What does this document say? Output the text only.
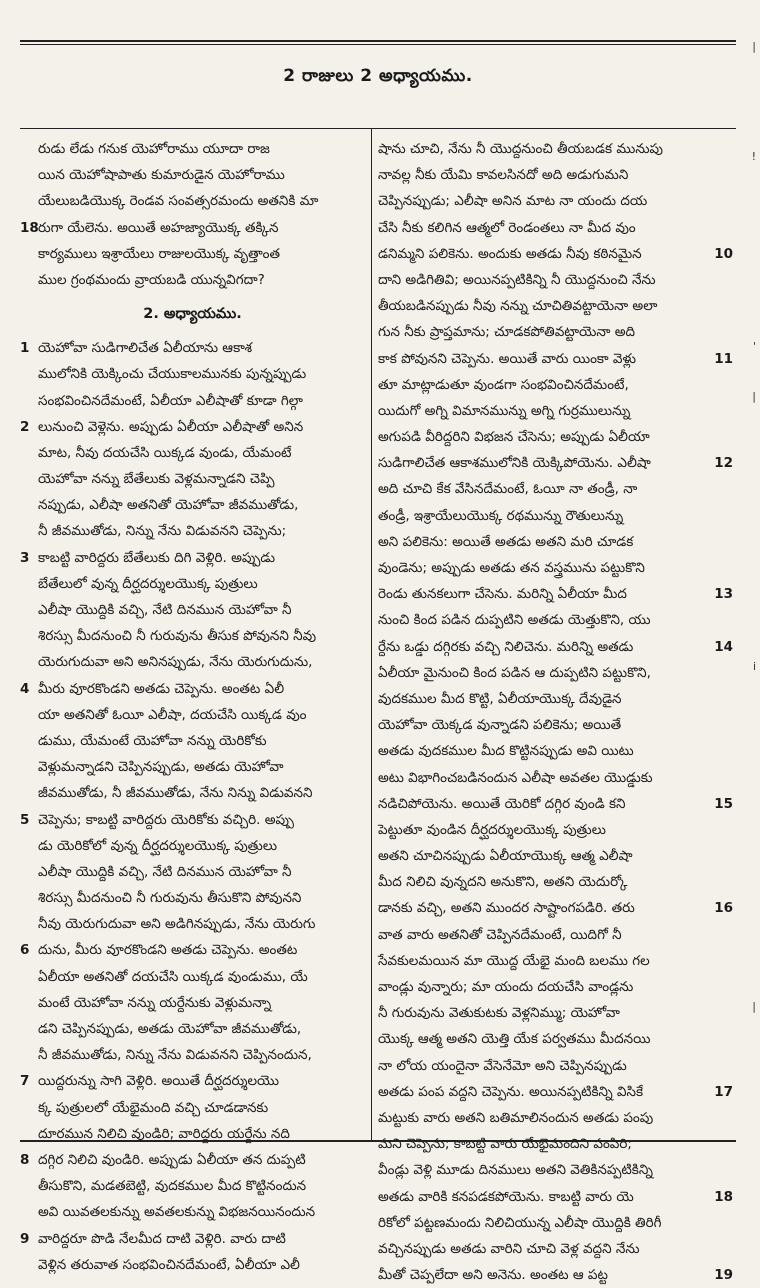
2 రాజులు 2 అధ్యాయము.
రుడు లేడు గనుక యెహోరాము యూదా రాజ
యిన యెహోషాపాతు కుమారుడైన యెహోరాము
యేలుబడియొక్క రెండవ సంవత్సరమందు అతనికి మా
18 రుగా యేలెను. అయితే అహజ్యాయొక్క తక్కిన
కార్యములు ఇశ్రాయేలు రాజులయొక్క వృత్తాంత
ముల గ్రంథమందు వ్రాయబడి యున్నవిగదా?
2. అధ్యాయము.
1 యెహోవా సుడిగాలిచేత ఏలీయాను ఆకాశ
ములోనికి యెక్కించు చేయుకాలమునకు పున్నప్పుడు
సంభవించినదేమంటే, ఏలీయా ఎలీషాతో కూడా గిల్గా
2 లునుంచి వెళ్లెను. అప్పుడు ఏలీయా ఎలీషాతో అనిన
మాట, నీవు దయచేసి యిక్కడ వుండు, యేమంటే
యెహోవా నన్ను బేతేలుకు వెళ్లమన్నాడని చెప్పి
నప్పుడు, ఎలీషా అతనితో యెహోవా జీవముతోడు,
నీ జీవముతోడు, నిన్ను నేను విడువనని చెప్పెను;
3 కాబట్టి వారిద్దరు బేతేలుకు దిగి వెళ్లిరి. అప్పుడు
బేతేలులో వున్న దీర్ఘదర్శులయొక్క పుత్రులు
ఎలీషా యొద్దికి వచ్చి, నేటి దినమున యెహోవా నీ
శిరస్సు మీదనుంచి నీ గురువును తీసుక పోవునని నీవు
యెరుగుదువా అని అనినప్పుడు, నేను యెరుగుదును,
4 మీరు వూరకొండని అతడు చెప్పెను. అంతట ఏలీ
యా అతనితో ఓయీ ఎలీషా, దయచేసి యిక్కడ వుం
డుము, యేమంటే యెహోవా నన్ను యెరికోకు
వెళ్లుమన్నాడని చెప్పినప్పుడు, అతడు యెహోవా
జీవముతోడు, నీ జీవముతోడు, నేను నిన్ను విడువనని
5 చెప్పెను; కాబట్టి వారిద్దరు యెరికోకు వచ్చిరి. అప్పు
డు యెరికోలో వున్న దీర్ఘదర్శులయొక్క పుత్రులు
ఎలీషా యొద్దికి వచ్చి, నేటి దినమున యెహోవా నీ
శిరస్సు మీదనుంచి నీ గురువును తీసుకొని పోవునని
నీవు యెరుగుదువా అని అడిగినప్పుడు, నేను యెరుగు
6 దును, మీరు వూరకొండని అతడు చెప్పెను. అంతట
ఏలీయా అతనితో దయచేసి యిక్కడ వుండుము, యే
మంటే యెహోవా నన్ను యర్దేనుకు వెళ్లుమన్నా
డని చెప్పినప్పుడు, అతడు యెహోవా జీవముతోడు,
నీ జీవముతోడు, నిన్ను నేను విడువనని చెప్పినందున,
7 యిద్దరున్ను సాగి వెళ్లిరి. అయితే దీర్ఘదర్శులయొ
క్క పుత్రులలో యేభైమంది వచ్చి చూడడానకు
దూరమున నిలిచి వుండిరి; వారిద్దరు యర్దేను నది
8 దగ్గిర నిలిచి వుండిరి. అప్పుడు ఏలీయా తన దుప్పటి
తీసుకొని, మడతబెట్టి, వుదకముల మీద కొట్టినందున
అవి యివతలకున్ను అవతలకున్ను విభజనయినందున
9 వారిద్దరూ పొడి నేలమీద దాటి వెళ్లిరి. వారు దాటి
వెళ్లిన తరువాత సంభవించినదేమంటే, ఏలీయా ఎలీ
షాను చూచి, నేను నీ యొద్దనుంచి తీయబడక మునుపు
నావల్ల నీకు యేమి కావలసినదో అది అడుగుమని
చెప్పినప్పుడు; ఎలీషా అనిన మాట నా యందు దయ
చేసి నీకు కలిగిన ఆత్మలో రెండంతలు నా మీద వుం
డనిమ్మని పలికెను. అందుకు అతడు నీవు కఠినమైన	10
దాని అడిగితివి; అయినప్పటికిన్ని నీ యొద్దనుంచి నేను
తీయబడినప్పుడు నీవు నన్ను చూచితివట్టాయెనా అలా
గున నీకు ప్రాప్తమాను; చూడకపోతివట్టాయెనా అది
కాక పోవునని చెప్పెను. అయితే వారు యింకా వెళ్లు	11
తూ మాట్లాడుతూ వుండగా సంభవించినదేమంటే,
యిదుగో అగ్ని విమానమున్ను అగ్ని గుర్రములున్ను
అగుపడి వీరిద్దరిని విభజన చేసెను; అప్పుడు ఏలీయా
సుడిగాలిచేత ఆకాశములోనికి యెక్కిపోయెను. ఎలీషా	12
అది చూచి కేక వేసినదేమంటే, ఓయీ నా తండ్రీ, నా
తండ్రీ, ఇశ్రాయేలుయొక్క రథమున్ను రౌతులున్ను
అని పలికెను: అయితే అతడు అతని మరి చూడక
వుండెను; అప్పుడు అతడు తన వస్త్రమును పట్టుకొని
రెండు తునకలుగా చేసెను. మరిన్ని ఏలీయా మీద	13
నుంచి కింద పడిన దుప్పటిని అతడు యెత్తుకొని, యు
ర్దేను ఒడ్డు దగ్గిరకు వచ్చి నిలిచెను. మరిన్ని అతడు	14
ఏలీయా మైనుంచి కింద పడిన ఆ దుప్పటిని పట్టుకొని,
వుదకముల మీద కొట్టి, ఏలీయాయొక్క దేవుడైన
యెహోవా యెక్కడ వున్నాడని పలికెను; అయితే
అతడు వుదకముల మీద కొట్టినప్పుడు అవి యిటు
అటు విభాగించబడినందున ఎలీషా అవతల యొడ్డుకు
నడిచిపోయెను. అయితే యెరికో దగ్గిర వుండి కని	15
పెట్టుతూ వుండిన దీర్ఘదర్శులయొక్క పుత్రులు
అతని చూచినప్పుడు ఏలీయాయొక్క ఆత్మ ఎలీషా
మీద నిలిచి వున్నదని అనుకొని, అతని యెదుర్కో
డానకు వచ్చి, అతని ముందర సాష్టాంగపడిరి. తరు	16
వాత వారు అతనితో చెప్పినదేమంటే, యిదిగో నీ
సేవకులమయిన మా యొద్ద యేభై మంది బలము గల
వాండ్లు వున్నారు; మా యందు దయచేసి వాండ్లను
నీ గురువును వెతుకుటకు వెళ్లనిమ్ము; యెహోవా
యొక్క ఆత్మ అతని యెత్తి యేక పర్వతము మీదనయి
నా లోయ యందైనా వేసెనేమో అని చెప్పినప్పుడు
అతడు పంప వద్దని చెప్పెను. అయినప్పటికిన్ని విసికే	17
మట్టుకు వారు అతని బతిమాలినందున అతడు పంపు
మని చెప్పెను; కాబట్టి వారు యేభైమందిని పంపిరి;
వీండ్లు వెళ్లి మూడు దినములు అతని వెతికినప్పటికిన్ని
అతడు వారికి కనపడకపోయెను. కాబట్టి వారు యె	18
రికోలో పట్టణమందు నిలిచియున్న ఎలీషా యొద్దికి తిరిగీ
వచ్చినప్పుడు అతడు వారిని చూచి వెళ్ల వద్దని నేను
మీతో చెప్పలేదా అని అనెను. అంతట ఆ పట్ట	19
|
!
'
|
i
|
